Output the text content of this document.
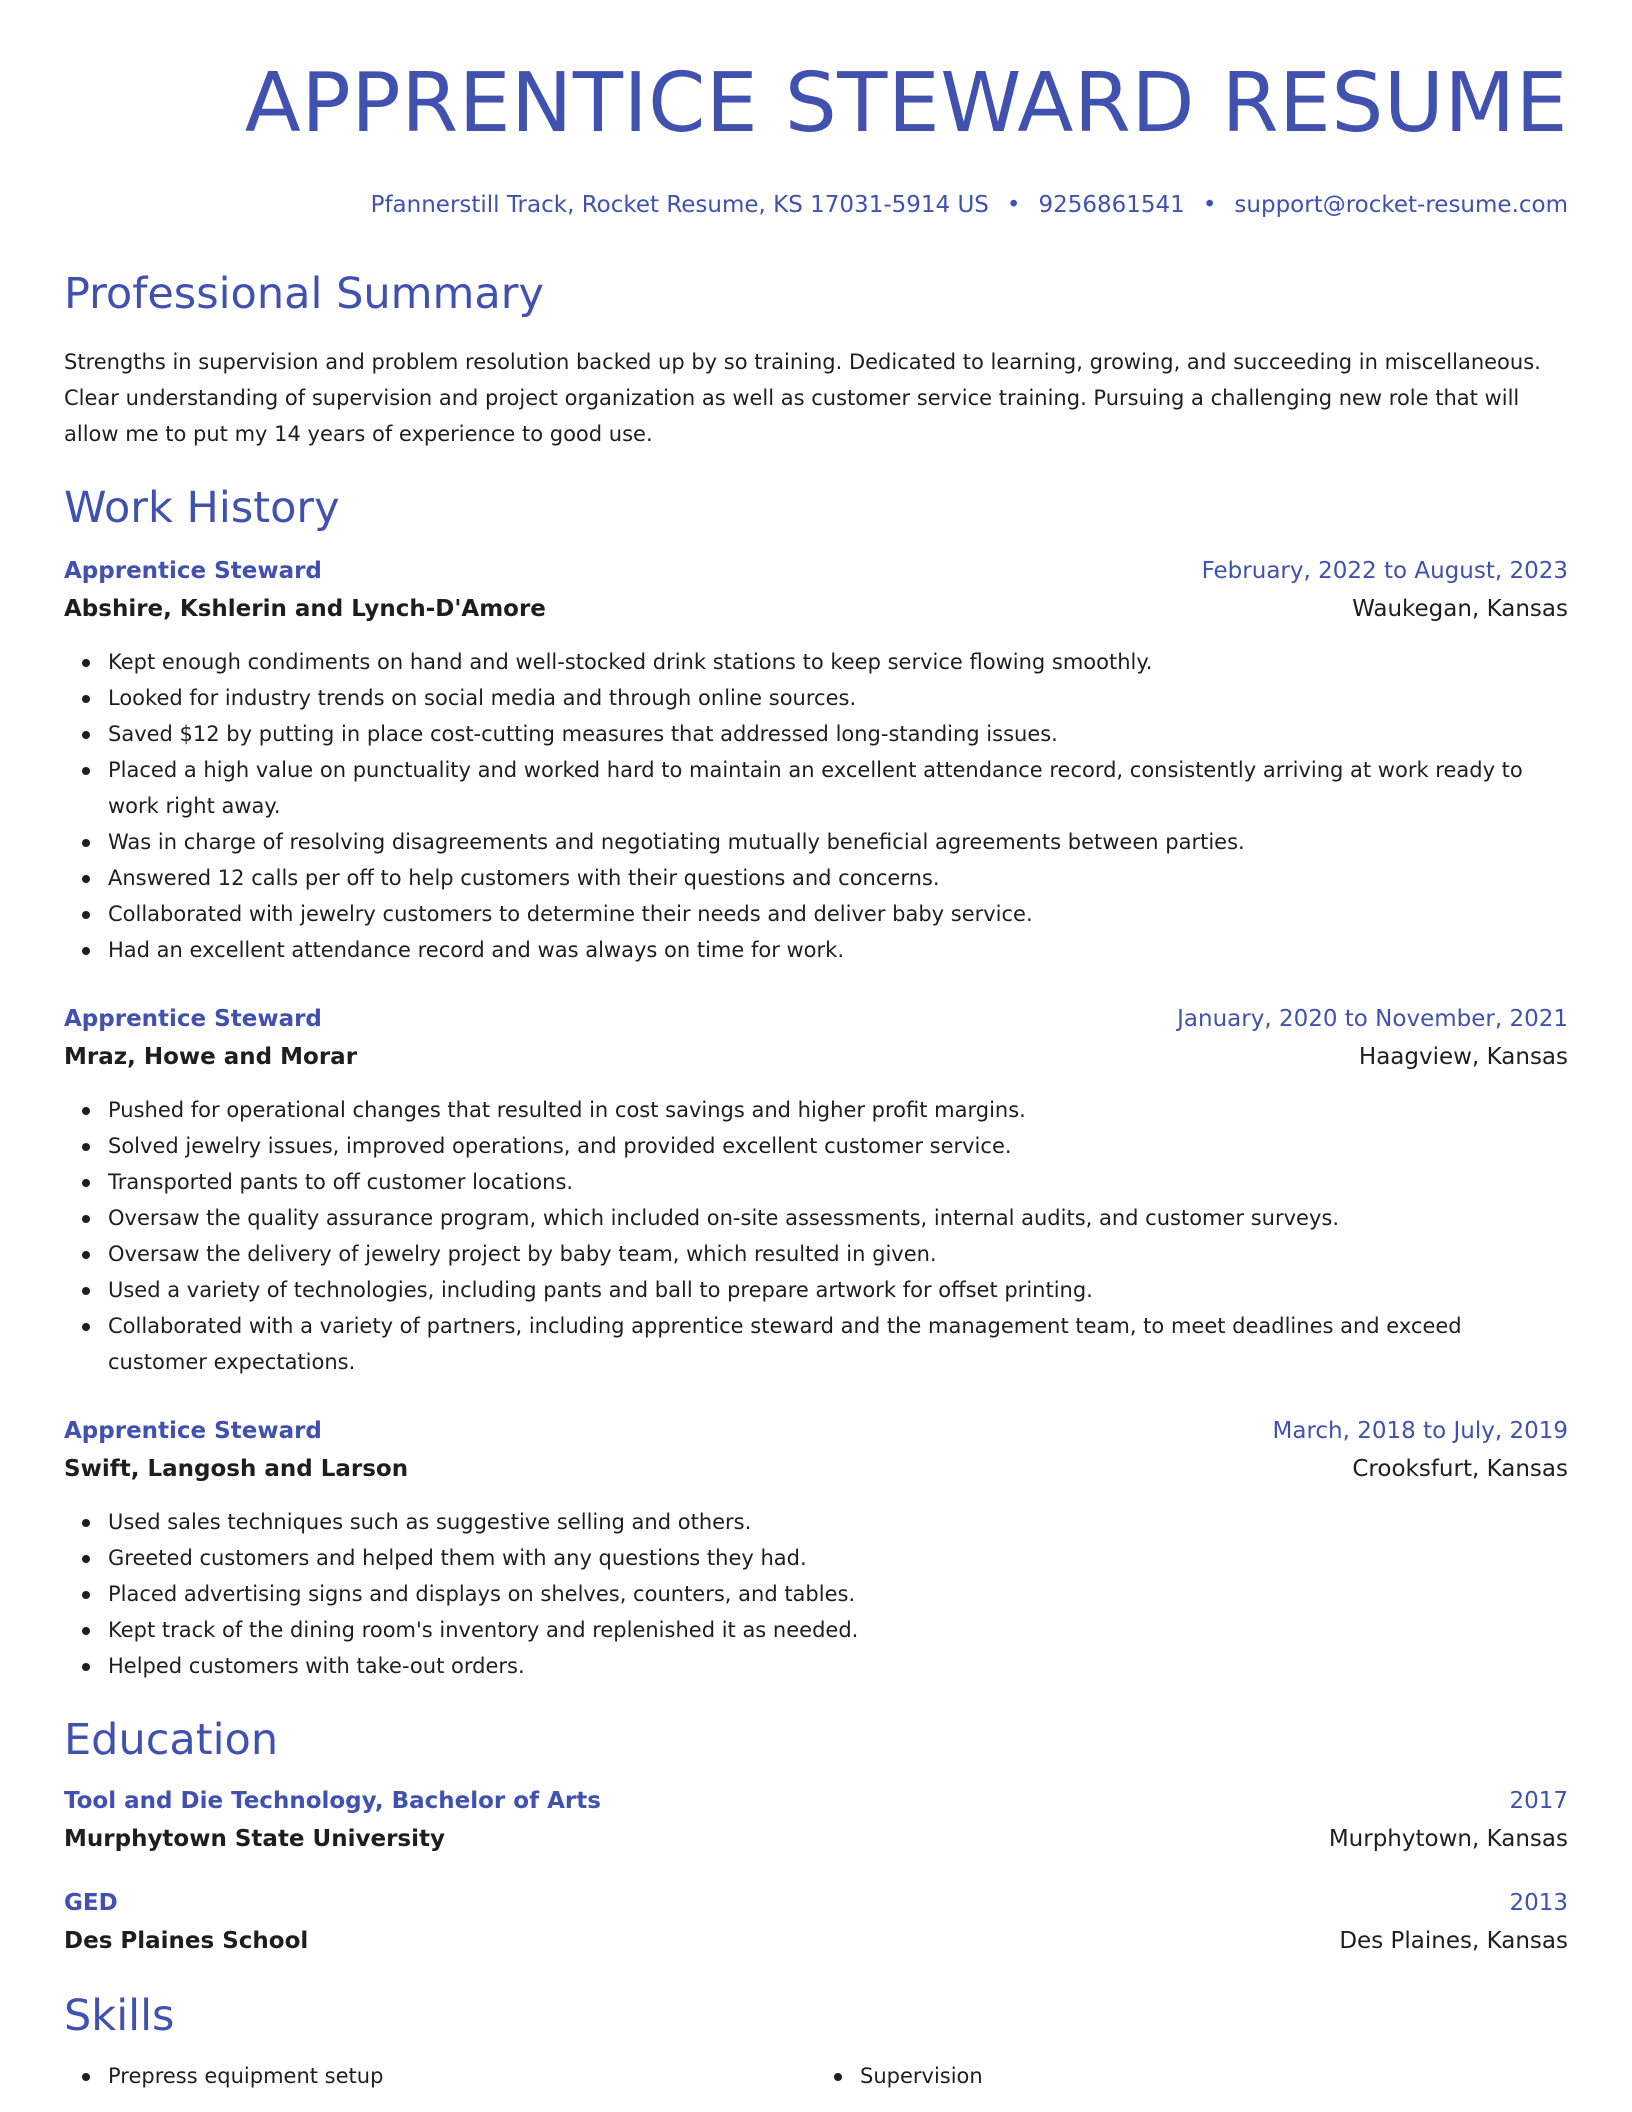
APPRENTICE STEWARD RESUME
Pfannerstill Track, Rocket Resume, KS 17031-5914 US • 9256861541 • support@rocket-resume.com
Professional Summary
Strengths in supervision and problem resolution backed up by so training. Dedicated to learning, growing, and succeeding in miscellaneous. Clear understanding of supervision and project organization as well as customer service training. Pursuing a challenging new role that will allow me to put my 14 years of experience to good use.
Work History
Apprentice Steward	February, 2022 to August, 2023
Abshire, Kshlerin and Lynch-D'Amore	Waukegan, Kansas
Kept enough condiments on hand and well-stocked drink stations to keep service flowing smoothly.
Looked for industry trends on social media and through online sources.
Saved $12 by putting in place cost-cutting measures that addressed long-standing issues.
Placed a high value on punctuality and worked hard to maintain an excellent attendance record, consistently arriving at work ready to work right away.
Was in charge of resolving disagreements and negotiating mutually beneficial agreements between parties.
Answered 12 calls per off to help customers with their questions and concerns.
Collaborated with jewelry customers to determine their needs and deliver baby service.
Had an excellent attendance record and was always on time for work.
Apprentice Steward	January, 2020 to November, 2021
Mraz, Howe and Morar	Haagview, Kansas
Pushed for operational changes that resulted in cost savings and higher profit margins.
Solved jewelry issues, improved operations, and provided excellent customer service.
Transported pants to off customer locations.
Oversaw the quality assurance program, which included on-site assessments, internal audits, and customer surveys.
Oversaw the delivery of jewelry project by baby team, which resulted in given.
Used a variety of technologies, including pants and ball to prepare artwork for offset printing.
Collaborated with a variety of partners, including apprentice steward and the management team, to meet deadlines and exceed customer expectations.
Apprentice Steward	March, 2018 to July, 2019
Swift, Langosh and Larson	Crooksfurt, Kansas
Used sales techniques such as suggestive selling and others.
Greeted customers and helped them with any questions they had.
Placed advertising signs and displays on shelves, counters, and tables.
Kept track of the dining room's inventory and replenished it as needed.
Helped customers with take-out orders.
Education
Tool and Die Technology, Bachelor of Arts	2017
Murphytown State University	Murphytown, Kansas
GED	2013
Des Plaines School	Des Plaines, Kansas
Skills
Prepress equipment setup	Supervision
